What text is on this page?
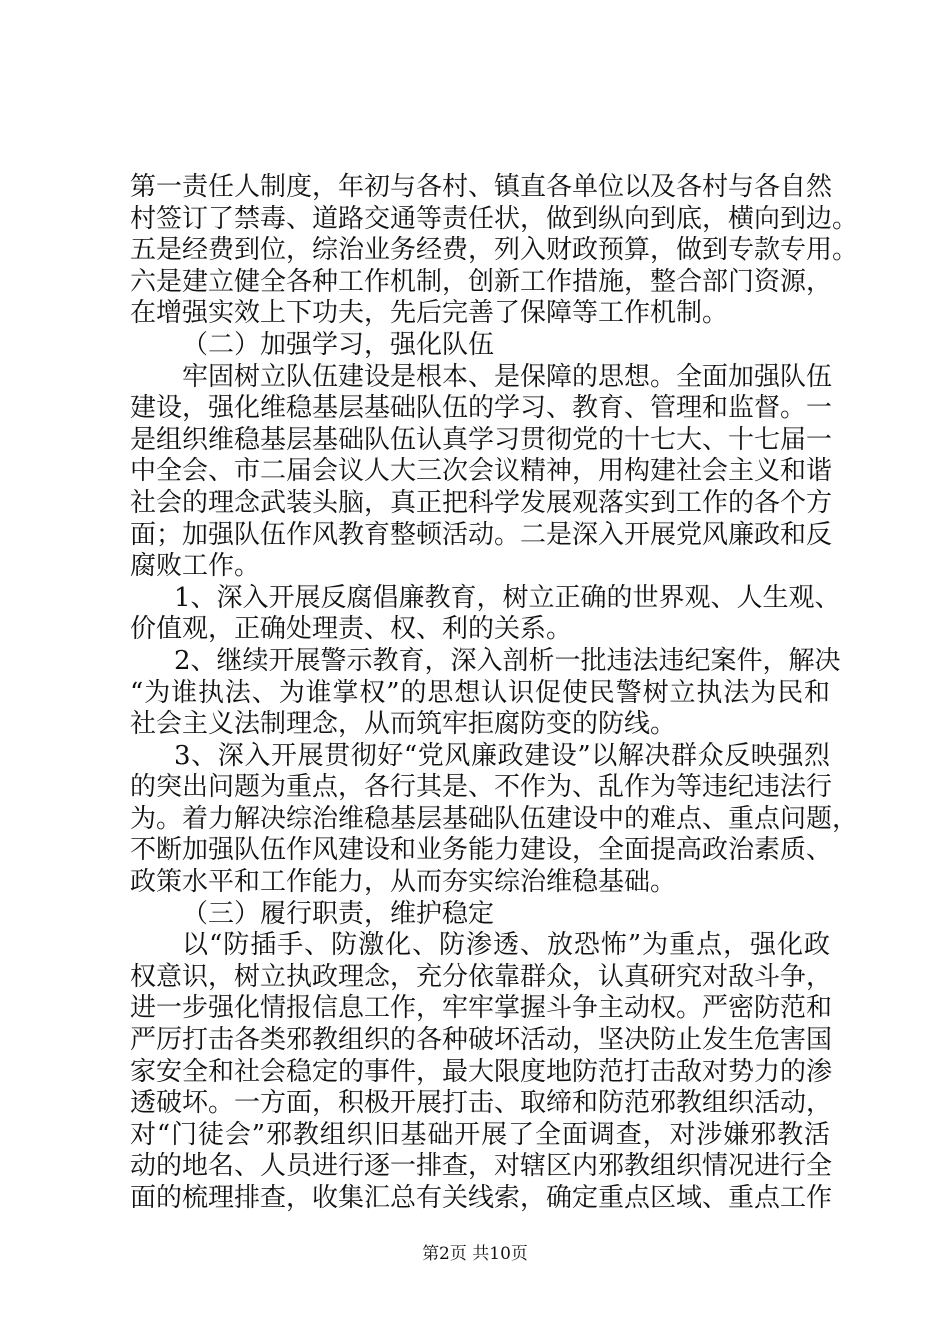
第一责任人制度，年初与各村、镇直各单位以及各村与各自然
村签订了禁毒、道路交通等责任状，做到纵向到底，横向到边。
五是经费到位，综治业务经费，列入财政预算，做到专款专用。
六是建立健全各种工作机制，创新工作措施，整合部门资源，
在增强实效上下功夫，先后完善了保障等工作机制。
（二）加强学习，强化队伍
牢固树立队伍建设是根本、是保障的思想。全面加强队伍
建设，强化维稳基层基础队伍的学习、教育、管理和监督。一
是组织维稳基层基础队伍认真学习贯彻党的十七大、十七届一
中全会、市二届会议人大三次会议精神，用构建社会主义和谐
社会的理念武装头脑，真正把科学发展观落实到工作的各个方
面；加强队伍作风教育整顿活动。二是深入开展党风廉政和反
腐败工作。
1、深入开展反腐倡廉教育，树立正确的世界观、人生观、
价值观，正确处理责、权、利的关系。
2、继续开展警示教育，深入剖析一批违法违纪案件，解决
“为谁执法、为谁掌权”的思想认识促使民警树立执法为民和
社会主义法制理念，从而筑牢拒腐防变的防线。
3、深入开展贯彻好“党风廉政建设”以解决群众反映强烈
的突出问题为重点，各行其是、不作为、乱作为等违纪违法行
为。着力解决综治维稳基层基础队伍建设中的难点、重点问题，
不断加强队伍作风建设和业务能力建设，全面提高政治素质、
政策水平和工作能力，从而夯实综治维稳基础。
（三）履行职责，维护稳定
以“防插手、防激化、防渗透、放恐怖”为重点，强化政
权意识，树立执政理念，充分依靠群众，认真研究对敌斗争，
进一步强化情报信息工作，牢牢掌握斗争主动权。严密防范和
严厉打击各类邪教组织的各种破坏活动，坚决防止发生危害国
家安全和社会稳定的事件，最大限度地防范打击敌对势力的渗
透破坏。一方面，积极开展打击、取缔和防范邪教组织活动，
对“门徒会”邪教组织旧基础开展了全面调查，对涉嫌邪教活
动的地名、人员进行逐一排查，对辖区内邪教组织情况进行全
面的梳理排查，收集汇总有关线索，确定重点区域、重点工作
第2页 共10页
